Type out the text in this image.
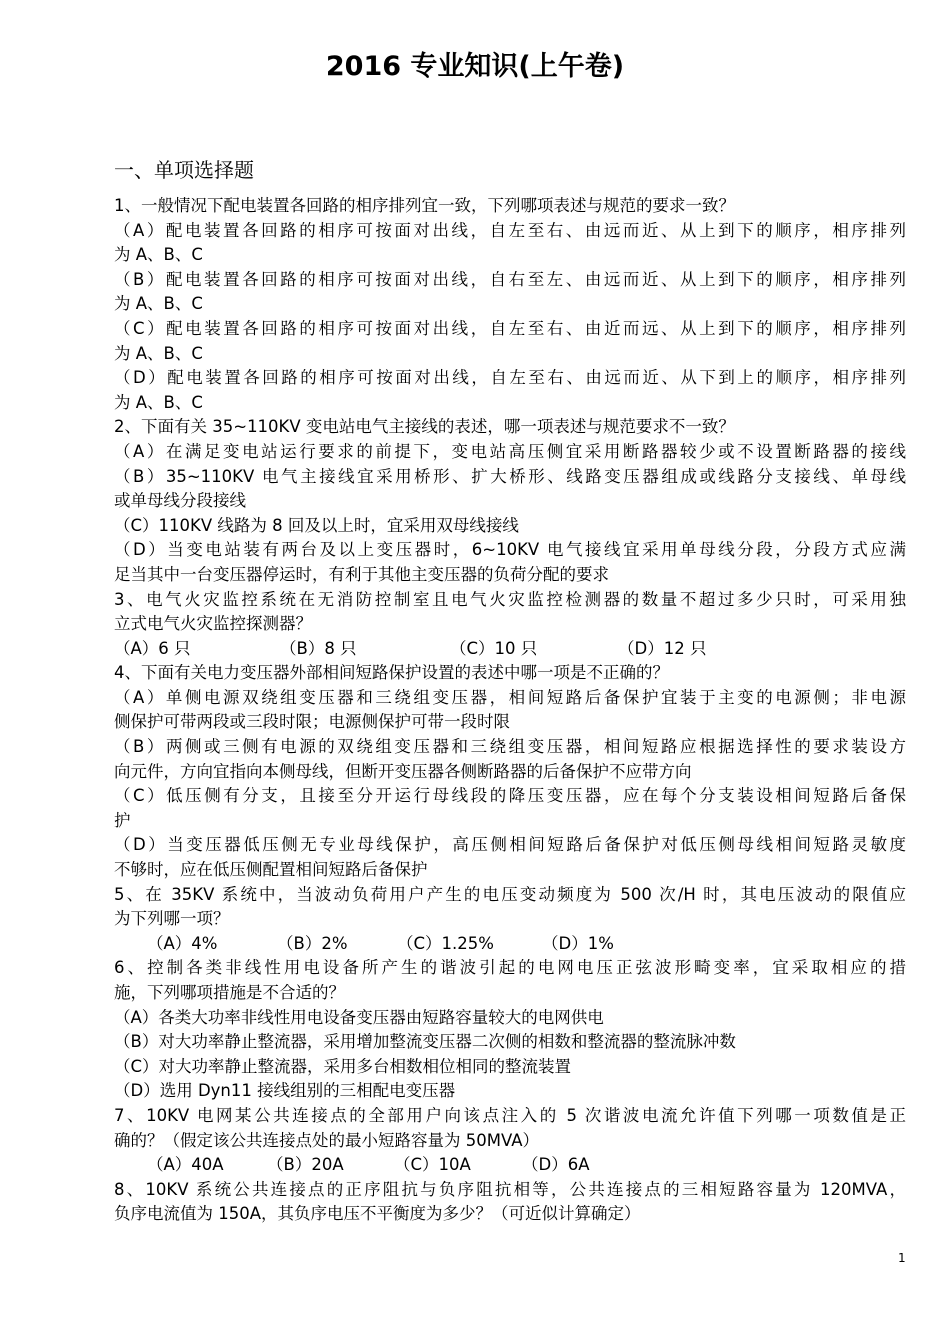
2016 专业知识(上午卷)
一、单项选择题
1、一般情况下配电装置各回路的相序排列宜一致，下列哪项表述与规范的要求一致？
（A）配电装置各回路的相序可按面对出线，自左至右、由远而近、从上到下的顺序，相序排列
为 A、B、C
（B）配电装置各回路的相序可按面对出线，自右至左、由远而近、从上到下的顺序，相序排列
为 A、B、C
（C）配电装置各回路的相序可按面对出线，自左至右、由近而远、从上到下的顺序，相序排列
为 A、B、C
（D）配电装置各回路的相序可按面对出线，自左至右、由远而近、从下到上的顺序，相序排列
为 A、B、C
2、下面有关 35~110KV 变电站电气主接线的表述，哪一项表述与规范要求不一致？
（A）在满足变电站运行要求的前提下，变电站高压侧宜采用断路器较少或不设置断路器的接线
（B）35~110KV 电气主接线宜采用桥形、扩大桥形、线路变压器组成或线路分支接线、单母线
或单母线分段接线
（C）110KV 线路为 8 回及以上时，宜采用双母线接线
（D）当变电站装有两台及以上变压器时，6~10KV 电气接线宜采用单母线分段，分段方式应满
足当其中一台变压器停运时，有利于其他主变压器的负荷分配的要求
3、电气火灾监控系统在无消防控制室且电气火灾监控检测器的数量不超过多少只时，可采用独
立式电气火灾监控探测器？
（A）6 只	（B）8 只	（C）10 只	（D）12 只
4、下面有关电力变压器外部相间短路保护设置的表述中哪一项是不正确的？
（A）单侧电源双绕组变压器和三绕组变压器，相间短路后备保护宜装于主变的电源侧；非电源
侧保护可带两段或三段时限；电源侧保护可带一段时限
（B）两侧或三侧有电源的双绕组变压器和三绕组变压器，相间短路应根据选择性的要求装设方
向元件，方向宜指向本侧母线，但断开变压器各侧断路器的后备保护不应带方向
（C）低压侧有分支，且接至分开运行母线段的降压变压器，应在每个分支装设相间短路后备保
护
（D）当变压器低压侧无专业母线保护，高压侧相间短路后备保护对低压侧母线相间短路灵敏度
不够时，应在低压侧配置相间短路后备保护
5、在 35KV 系统中，当波动负荷用户产生的电压变动频度为 500 次/H 时，其电压波动的限值应
为下列哪一项？
（A）4%	（B）2%	（C）1.25%	（D）1%
6、控制各类非线性用电设备所产生的谐波引起的电网电压正弦波形畸变率，宜采取相应的措
施，下列哪项措施是不合适的？
（A）各类大功率非线性用电设备变压器由短路容量较大的电网供电
（B）对大功率静止整流器，采用增加整流变压器二次侧的相数和整流器的整流脉冲数
（C）对大功率静止整流器，采用多台相数相位相同的整流装置
（D）选用 Dyn11 接线组别的三相配电变压器
7、10KV 电网某公共连接点的全部用户向该点注入的 5 次谐波电流允许值下列哪一项数值是正
确的？（假定该公共连接点处的最小短路容量为 50MVA）
（A）40A	（B）20A	（C）10A	（D）6A
8、10KV 系统公共连接点的正序阻抗与负序阻抗相等，公共连接点的三相短路容量为 120MVA，
负序电流值为 150A，其负序电压不平衡度为多少？（可近似计算确定）
1
